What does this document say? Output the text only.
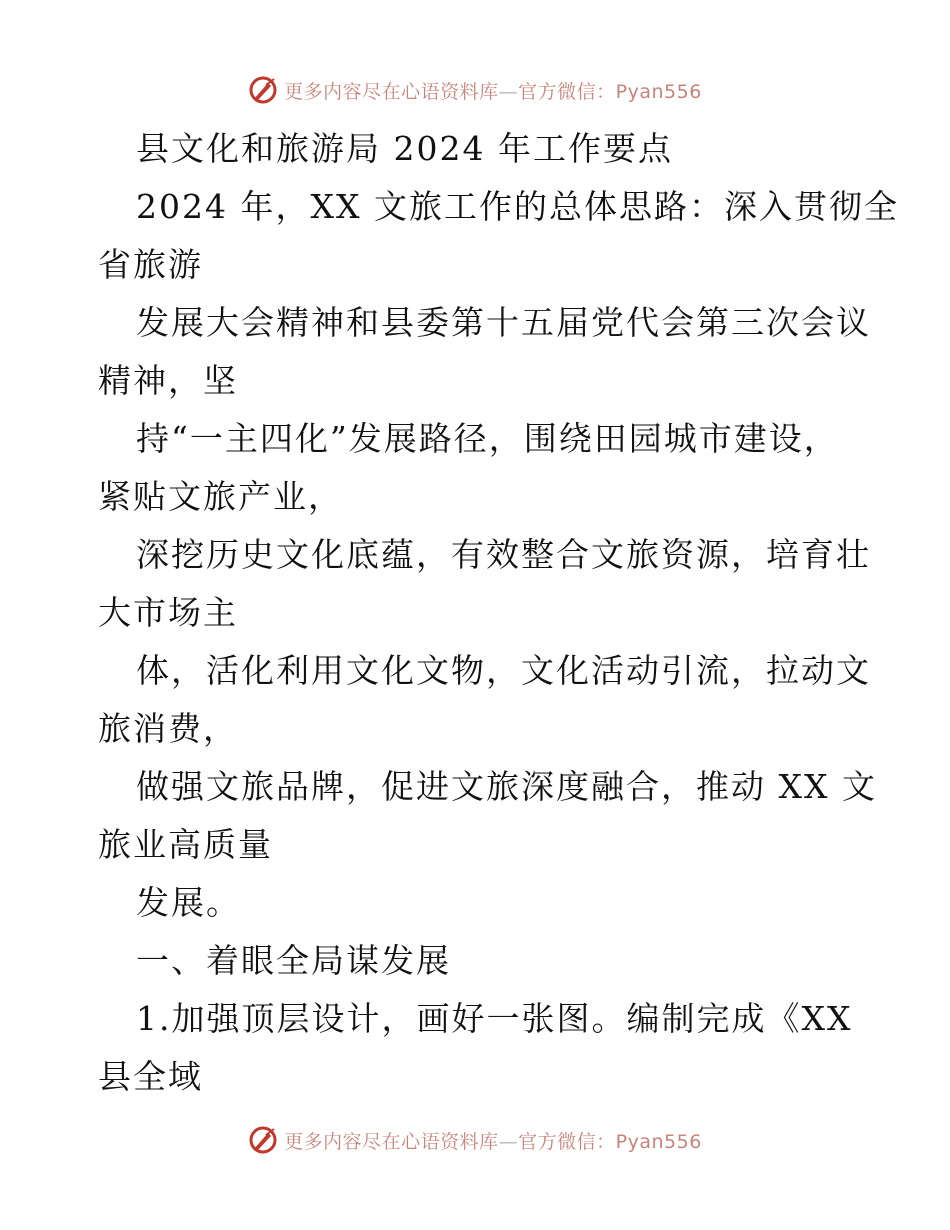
更多内容尽在心语资料库—官方微信：Pyan556
县文化和旅游局 2024 年工作要点
2024 年，XX 文旅工作的总体思路：深入贯彻全
省旅游
发展大会精神和县委第十五届党代会第三次会议
精神，坚
持“一主四化”发展路径，围绕田园城市建设，
紧贴文旅产业，
深挖历史文化底蕴，有效整合文旅资源，培育壮
大市场主
体，活化利用文化文物，文化活动引流，拉动文
旅消费，
做强文旅品牌，促进文旅深度融合，推动 XX 文
旅业高质量
发展。
一、着眼全局谋发展
1.加强顶层设计，画好一张图。编制完成《XX
县全域
更多内容尽在心语资料库—官方微信：Pyan556
